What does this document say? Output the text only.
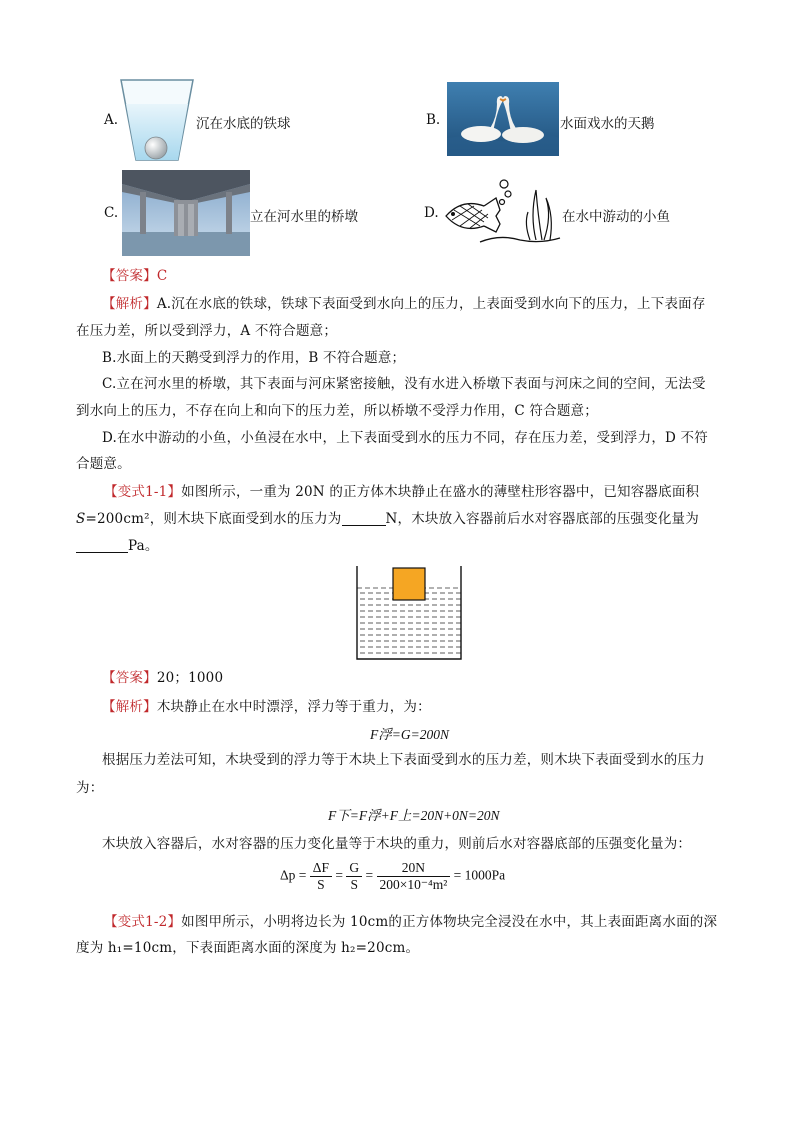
A.	沉在水底的铁球	B.	水面戏水的天鹅
C.	立在河水里的桥墩	D.	在水中游动的小鱼
【答案】C
【解析】A.沉在水底的铁球，铁球下表面受到水向上的压力，上表面受到水向下的压力，上下表面存
在压力差，所以受到浮力，A 不符合题意；
B.水面上的天鹅受到浮力的作用，B 不符合题意；
C.立在河水里的桥墩，其下表面与河床紧密接触，没有水进入桥墩下表面与河床之间的空间，无法受
到水向上的压力，不存在向上和向下的压力差，所以桥墩不受浮力作用，C 符合题意；
D.在水中游动的小鱼，小鱼浸在水中，上下表面受到水的压力不同，存在压力差，受到浮力，D 不符
合题意。
【变式1-1】如图所示，一重为 20N 的正方体木块静止在盛水的薄壁柱形容器中，已知容器底面积
S=200cm²，则木块下底面受到水的压力为	N，木块放入容器前后水对容器底部的压强变化量为
Pa。
【答案】20；1000
【解析】木块静止在水中时漂浮，浮力等于重力，为：
F浮=G=200N
根据压力差法可知，木块受到的浮力等于木块上下表面受到水的压力差，则木块下表面受到水的压力
为：
F下=F浮+F上=20N+0N=20N
木块放入容器后，水对容器的压力变化量等于木块的重力，则前后水对容器底部的压强变化量为：
$\Delta p = \frac{\Delta F}{S} = \frac{G}{S} = \frac{20N}{\text{200×10⁻⁴m²}} = 1000Pa$
【变式1-2】如图甲所示，小明将边长为 10cm的正方体物块完全浸没在水中，其上表面距离水面的深
度为 h₁=10cm，下表面距离水面的深度为 h₂=20cm。
